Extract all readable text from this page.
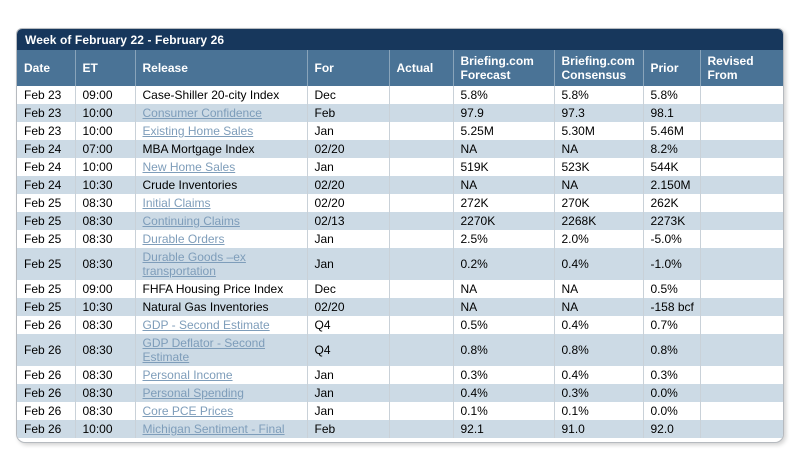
Week of February 22 - February 26
Date	ET	Release	For	Actual	Briefing.com Forecast	Briefing.com Consensus	Prior	Revised From
Feb 23	09:00	Case-Shiller 20-city Index	Dec		5.8%	5.8%	5.8%	
Feb 23	10:00	Consumer Confidence	Feb		97.9	97.3	98.1	
Feb 23	10:00	Existing Home Sales	Jan		5.25M	5.30M	5.46M	
Feb 24	07:00	MBA Mortgage Index	02/20		NA	NA	8.2%	
Feb 24	10:00	New Home Sales	Jan		519K	523K	544K	
Feb 24	10:30	Crude Inventories	02/20		NA	NA	2.150M	
Feb 25	08:30	Initial Claims	02/20		272K	270K	262K	
Feb 25	08:30	Continuing Claims	02/13		2270K	2268K	2273K	
Feb 25	08:30	Durable Orders	Jan		2.5%	2.0%	-5.0%	
Feb 25	08:30	Durable Goods –ex transportation	Jan		0.2%	0.4%	-1.0%	
Feb 25	09:00	FHFA Housing Price Index	Dec		NA	NA	0.5%	
Feb 25	10:30	Natural Gas Inventories	02/20		NA	NA	-158 bcf	
Feb 26	08:30	GDP - Second Estimate	Q4		0.5%	0.4%	0.7%	
Feb 26	08:30	GDP Deflator - Second Estimate	Q4		0.8%	0.8%	0.8%	
Feb 26	08:30	Personal Income	Jan		0.3%	0.4%	0.3%	
Feb 26	08:30	Personal Spending	Jan		0.4%	0.3%	0.0%	
Feb 26	08:30	Core PCE Prices	Jan		0.1%	0.1%	0.0%	
Feb 26	10:00	Michigan Sentiment - Final	Feb		92.1	91.0	92.0	
